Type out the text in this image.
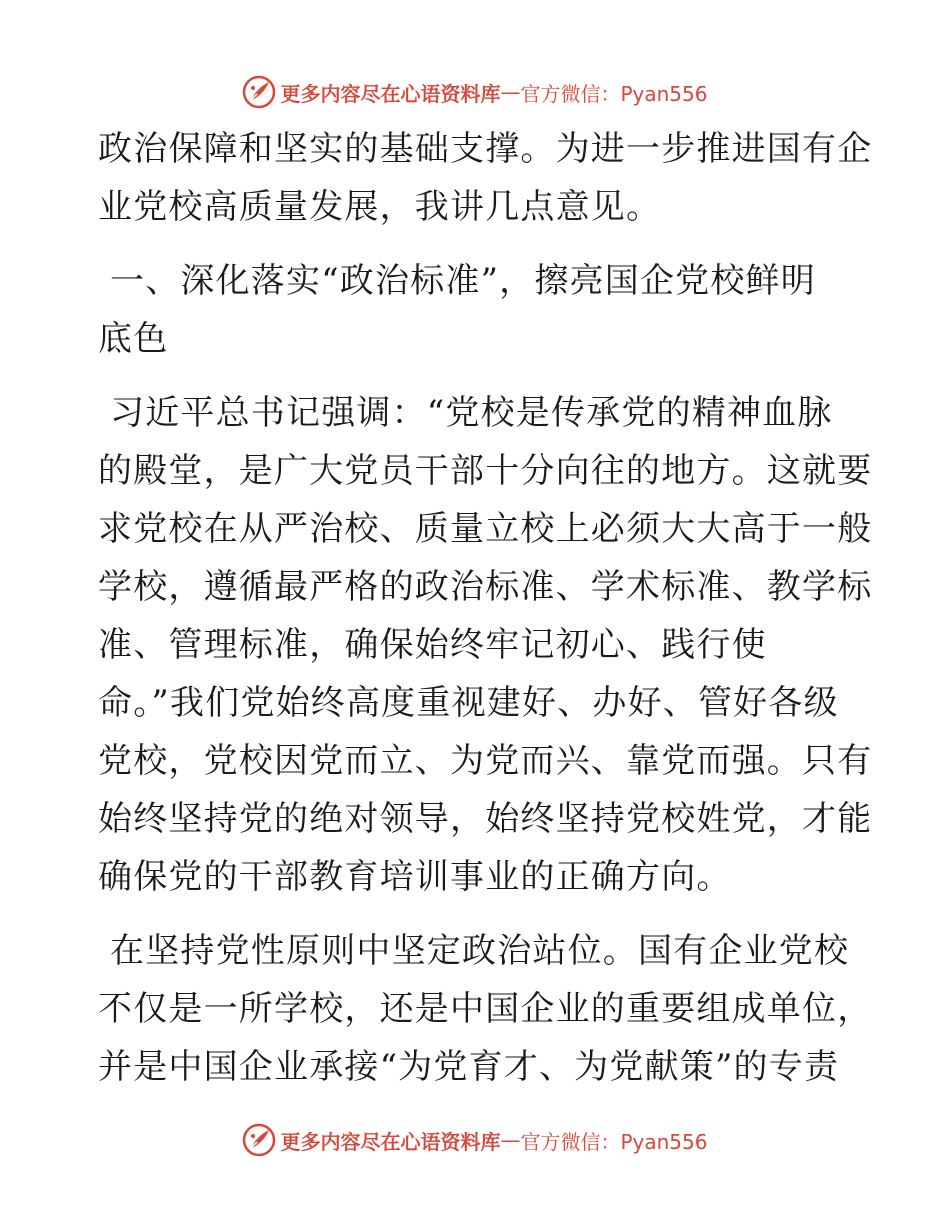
更多内容尽在心语资料库 — 官方微信：Pyan556
政治保障和坚实的基础支撑。为进一步推进国有企
业党校高质量发展，我讲几点意见。
一、深化落实“政治标准”，擦亮国企党校鲜明
底色
习近平总书记强调：“党校是传承党的精神血脉
的殿堂，是广大党员干部十分向往的地方。这就要
求党校在从严治校、质量立校上必须大大高于一般
学校，遵循最严格的政治标准、学术标准、教学标
准、管理标准，确保始终牢记初心、践行使
命。”我们党始终高度重视建好、办好、管好各级
党校，党校因党而立、为党而兴、靠党而强。只有
始终坚持党的绝对领导，始终坚持党校姓党，才能
确保党的干部教育培训事业的正确方向。
在坚持党性原则中坚定政治站位。国有企业党校
不仅是一所学校，还是中国企业的重要组成单位，
并是中国企业承接“为党育才、为党献策”的专责
更多内容尽在心语资料库 — 官方微信：Pyan556
